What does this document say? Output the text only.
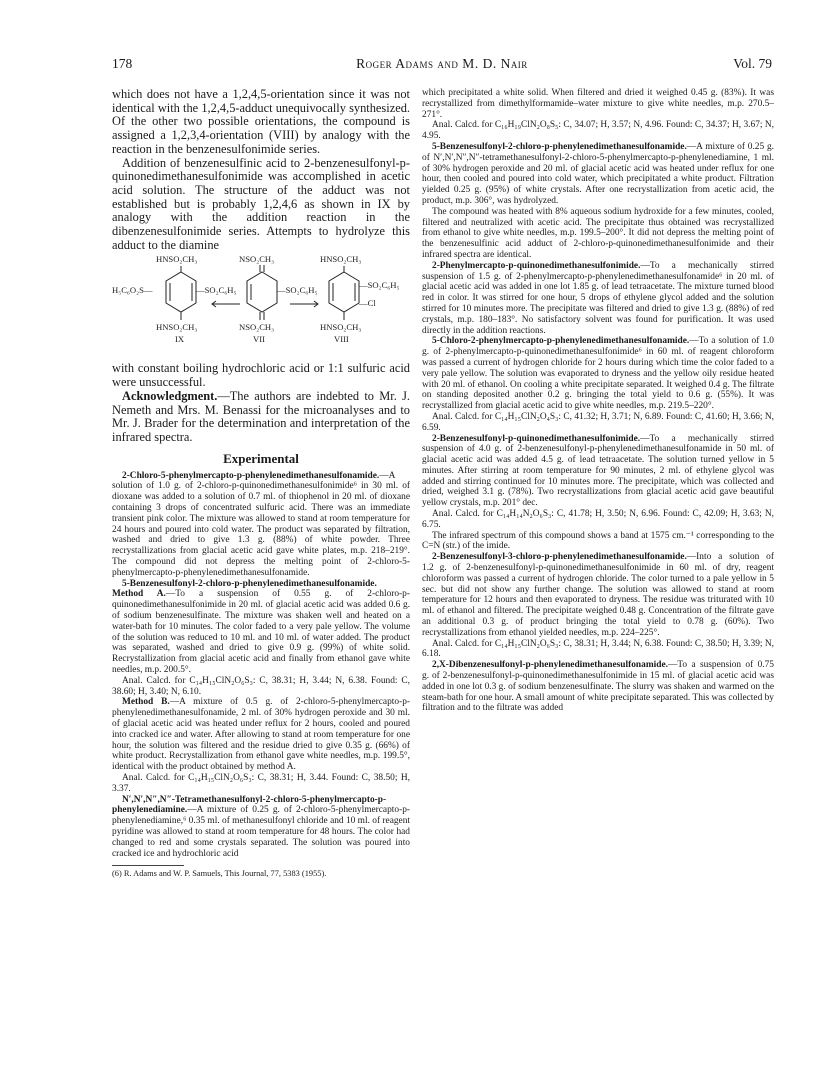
178	Roger Adams and M. D. Nair	Vol. 79

which does not have a 1,2,4,5-orientation since it was not identical with the 1,2,4,5-adduct unequivocally synthesized. Of the other two possible orientations, the compound is assigned a 1,2,3,4-orientation (VIII) by analogy with the reaction in the benzenesulfonimide series.

Addition of benzenesulfinic acid to 2-benzenesulfonyl-p-quinonedimethanesulfonimide was accomplished in acetic acid solution. The structure of the adduct was not established but is probably 1,2,4,6 as shown in IX by analogy with the addition reaction in the dibenzenesulfonimide series. Attempts to hydrolyze this adduct to the diamine

HNSO₂CH₃
H₅C₆O₂S—	—SO₂C₆H₅
HNSO₂CH₃
IX
NSO₂CH₃
—SO₂C₆H₅
NSO₂CH₃
VII
HNSO₂CH₃
—SO₂C₆H₅
—Cl
HNSO₂CH₃
VIII

with constant boiling hydrochloric acid or 1:1 sulfuric acid were unsuccessful.

Acknowledgment.—The authors are indebted to Mr. J. Nemeth and Mrs. M. Benassi for the microanalyses and to Mr. J. Brader for the determination and interpretation of the infrared spectra.

Experimental

2-Chloro-5-phenylmercapto-p-phenylenedimethanesulfonamide.—A solution of 1.0 g. of 2-chloro-p-quinonedimethanesulfonimide⁶ in 30 ml. of dioxane was added to a solution of 0.7 ml. of thiophenol in 20 ml. of dioxane containing 3 drops of concentrated sulfuric acid. There was an immediate transient pink color. The mixture was allowed to stand at room temperature for 24 hours and poured into cold water. The product was separated by filtration, washed and dried to give 1.3 g. (88%) of white powder. Three recrystallizations from glacial acetic acid gave white plates, m.p. 218–219°. The compound did not depress the melting point of 2-chloro-5-phenylmercapto-p-phenylenedimethanesulfonamide.

5-Benzenesulfonyl-2-chloro-p-phenylenedimethanesulfonamide. Method A.—To a suspension of 0.55 g. of 2-chloro-p-quinonedimethanesulfonimide in 20 ml. of glacial acetic acid was added 0.6 g. of sodium benzenesulfinate. The mixture was shaken well and heated on a water-bath for 10 minutes. The color faded to a very pale yellow. The volume of the solution was reduced to 10 ml. and 10 ml. of water added. The product was separated, washed and dried to give 0.9 g. (99%) of white solid. Recrystallization from glacial acetic acid and finally from ethanol gave white needles, m.p. 200.5°.

Anal. Calcd. for C₁₄H₁₅ClN₂O₆S₃: C, 38.31; H, 3.44; N, 6.38. Found: C, 38.60; H, 3.40; N, 6.10.

Method B.—A mixture of 0.5 g. of 2-chloro-5-phenylmercapto-p-phenylenedimethanesulfonamide, 2 ml. of 30% hydrogen peroxide and 30 ml. of glacial acetic acid was heated under reflux for 2 hours, cooled and poured into cracked ice and water. After allowing to stand at room temperature for one hour, the solution was filtered and the residue dried to give 0.35 g. (66%) of white product. Recrystallization from ethanol gave white needles, m.p. 199.5°, identical with the product obtained by method A.

Anal. Calcd. for C₁₄H₁₅ClN₂O₆S₃: C, 38.31; H, 3.44. Found: C, 38.50; H, 3.37.

N′,N′,N″,N″-Tetramethanesulfonyl-2-chloro-5-phenylmercapto-p-phenylenediamine.—A mixture of 0.25 g. of 2-chloro-5-phenylmercapto-p-phenylenediamine,⁶ 0.35 ml. of methanesulfonyl chloride and 10 ml. of reagent pyridine was allowed to stand at room temperature for 48 hours. The color had changed to red and some crystals separated. The solution was poured into cracked ice and hydrochloric acid

(6) R. Adams and W. P. Samuels, This Journal, 77, 5383 (1955).

which precipitated a white solid. When filtered and dried it weighed 0.45 g. (83%). It was recrystallized from dimethylformamide–water mixture to give white needles, m.p. 270.5–271°.

Anal. Calcd. for C₁₆H₁₉ClN₂O₈S₅: C, 34.07; H, 3.57; N, 4.96. Found: C, 34.37; H, 3.67; N, 4.95.

5-Benzenesulfonyl-2-chloro-p-phenylenedimethanesulfonamide.—A mixture of 0.25 g. of N′,N′,N″,N″-tetramethanesulfonyl-2-chloro-5-phenylmercapto-p-phenylenediamine, 1 ml. of 30% hydrogen peroxide and 20 ml. of glacial acetic acid was heated under reflux for one hour, then cooled and poured into cold water, which precipitated a white product. Filtration yielded 0.25 g. (95%) of white crystals. After one recrystallization from acetic acid, the product, m.p. 306°, was hydrolyzed.

The compound was heated with 8% aqueous sodium hydroxide for a few minutes, cooled, filtered and neutralized with acetic acid. The precipitate thus obtained was recrystallized from ethanol to give white needles, m.p. 199.5–200°. It did not depress the melting point of the benzenesulfinic acid adduct of 2-chloro-p-quinonedimethanesulfonimide and their infrared spectra are identical.

2-Phenylmercapto-p-quinonedimethanesulfonimide.—To a mechanically stirred suspension of 1.5 g. of 2-phenylmercapto-p-phenylenedimethanesulfonamide⁶ in 20 ml. of glacial acetic acid was added in one lot 1.85 g. of lead tetraacetate. The mixture turned blood red in color. It was stirred for one hour, 5 drops of ethylene glycol added and the solution stirred for 10 minutes more. The precipitate was filtered and dried to give 1.3 g. (88%) of red crystals, m.p. 180–183°. No satisfactory solvent was found for purification. It was used directly in the addition reactions.

5-Chloro-2-phenylmercapto-p-phenylenedimethanesulfonamide.—To a solution of 1.0 g. of 2-phenylmercapto-p-quinonedimethanesulfonimide⁶ in 60 ml. of reagent chloroform was passed a current of hydrogen chloride for 2 hours during which time the color faded to a very pale yellow. The solution was evaporated to dryness and the yellow oily residue heated with 20 ml. of ethanol. On cooling a white precipitate separated. It weighed 0.4 g. The filtrate on standing deposited another 0.2 g. bringing the total yield to 0.6 g. (55%). It was recrystallized from glacial acetic acid to give white needles, m.p. 219.5–220°.

Anal. Calcd. for C₁₄H₁₅ClN₂O₄S₃: C, 41.32; H, 3.71; N, 6.89. Found: C, 41.60; H, 3.66; N, 6.59.

2-Benzenesulfonyl-p-quinonedimethanesulfonimide.—To a mechanically stirred suspension of 4.0 g. of 2-benzenesulfonyl-p-phenylenedimethanesulfonamide in 50 ml. of glacial acetic acid was added 4.5 g. of lead tetraacetate. The solution turned yellow in 5 minutes. After stirring at room temperature for 90 minutes, 2 ml. of ethylene glycol was added and stirring continued for 10 minutes more. The precipitate, which was collected and dried, weighed 3.1 g. (78%). Two recrystallizations from glacial acetic acid gave beautiful yellow crystals, m.p. 201° dec.

Anal. Calcd. for C₁₄H₁₄N₂O₆S₃: C, 41.78; H, 3.50; N, 6.96. Found: C, 42.09; H, 3.63; N, 6.75.

The infrared spectrum of this compound shows a band at 1575 cm.⁻¹ corresponding to the C=N (str.) of the imide.

2-Benzenesulfonyl-3-chloro-p-phenylenedimethanesulfonamide.—Into a solution of 1.2 g. of 2-benzenesulfonyl-p-quinonedimethanesulfonimide in 60 ml. of dry, reagent chloroform was passed a current of hydrogen chloride. The color turned to a pale yellow in 5 sec. but did not show any further change. The solution was allowed to stand at room temperature for 12 hours and then evaporated to dryness. The residue was triturated with 10 ml. of ethanol and filtered. The precipitate weighed 0.48 g. Concentration of the filtrate gave an additional 0.3 g. of product bringing the total yield to 0.78 g. (60%). Two recrystallizations from ethanol yielded needles, m.p. 224–225°.

Anal. Calcd. for C₁₄H₁₅ClN₂O₆S₃: C, 38.31; H, 3.44; N, 6.38. Found: C, 38.50; H, 3.39; N, 6.18.

2,X-Dibenzenesulfonyl-p-phenylenedimethanesulfonamide.—To a suspension of 0.75 g. of 2-benzenesulfonyl-p-quinonedimethanesulfonimide in 15 ml. of glacial acetic acid was added in one lot 0.3 g. of sodium benzenesulfinate. The slurry was shaken and warmed on the steam-bath for one hour. A small amount of white precipitate separated. This was collected by filtration and to the filtrate was added
